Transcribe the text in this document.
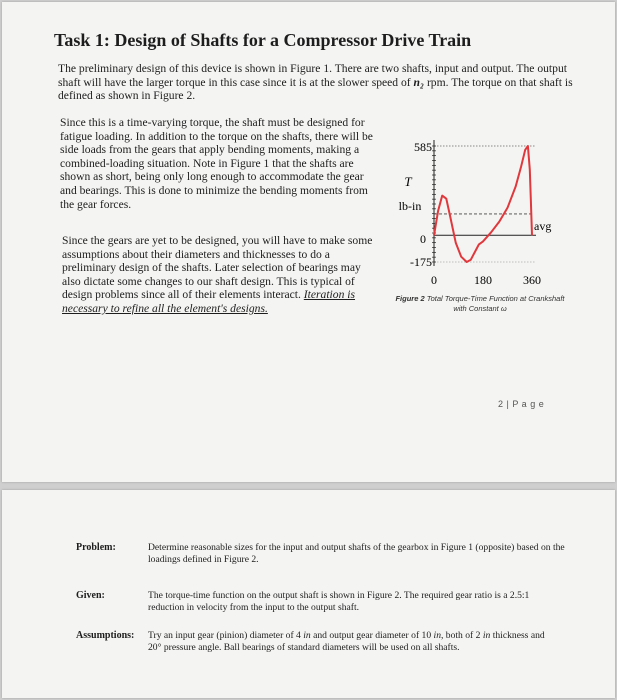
Task 1: Design of Shafts for a Compressor Drive Train

The preliminary design of this device is shown in Figure 1. There are two shafts, input and output. The output shaft will have the larger torque in this case since it is at the slower speed of n₂ rpm. The torque on that shaft is defined as shown in Figure 2.

Since this is a time-varying torque, the shaft must be designed for fatigue loading. In addition to the torque on the shafts, there will be side loads from the gears that apply bending moments, making a combined-loading situation. Note in Figure 1 that the shafts are shown as short, being only long enough to accommodate the gear and bearings. This is done to minimize the bending moments from the gear forces.

Since the gears are yet to be designed, you will have to make some assumptions about their diameters and thicknesses to do a preliminary design of the shafts. Later selection of bearings may also dictate some changes to our shaft design. This is typical of design problems since all of their elements interact. Iteration is necessary to refine all the element's designs.

585
T
lb-in
0
-175
0	180	360
avg
Figure 2 Total Torque-Time Function at Crankshaft with Constant ω
2 | P a g e
Problem:	Determine reasonable sizes for the input and output shafts of the gearbox in Figure 1 (opposite) based on the loadings defined in Figure 2.
Given:	The torque-time function on the output shaft is shown in Figure 2. The required gear ratio is a 2.5:1 reduction in velocity from the input to the output shaft.
Assumptions: Try an input gear (pinion) diameter of 4 in and output gear diameter of 10 in, both of 2 in thickness and 20° pressure angle. Ball bearings of standard diameters will be used on all shafts.
